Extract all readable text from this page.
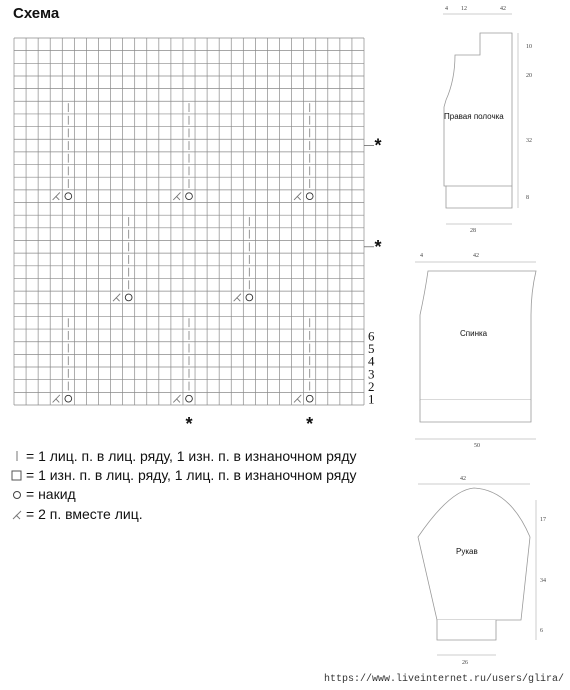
1
2
3
4
5
6
*
*
*	*
Схема
= 1 лиц. п. в лиц. ряду, 1 изн. п. в изнаночном ряду
= 1 изн. п. в лиц. ряду, 1 лиц. п. в изнаночном ряду
= накид
= 2 п. вместе лиц.
Правая полочка
Спинка
Рукав
4 12	42
10
20
32
8
28
4	42
50
42
17
34
6
26
https://www.liveinternet.ru/users/glira/
